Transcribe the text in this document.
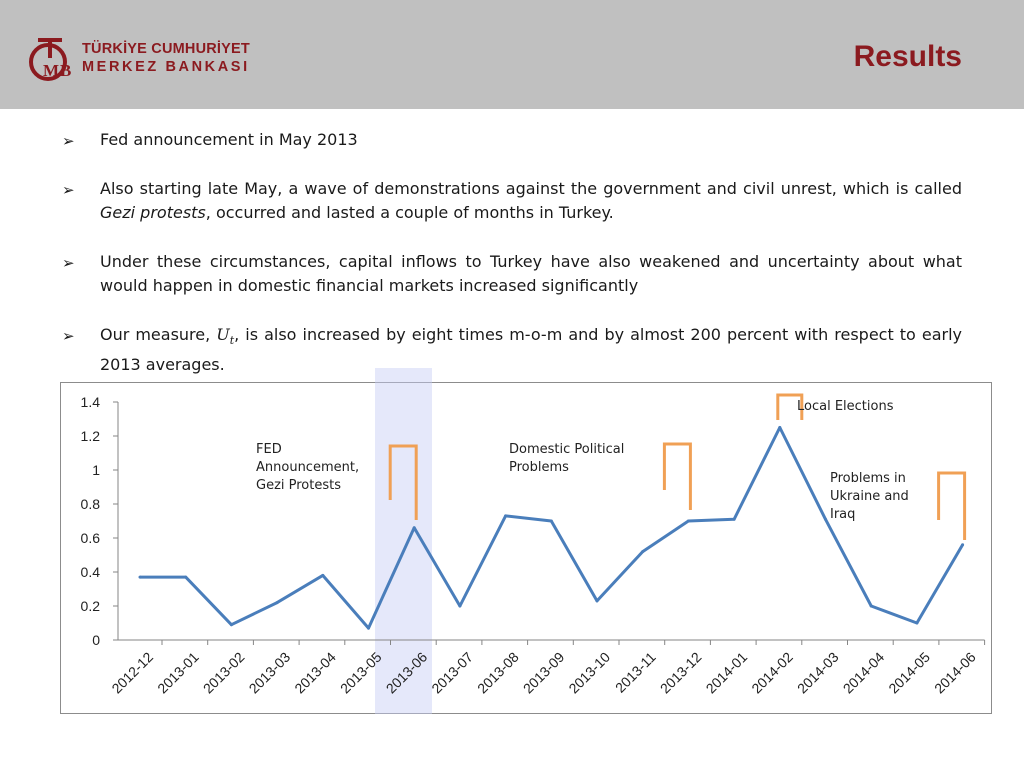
M B
TÜRKİYE CUMHURİYET
MERKEZ BANKASI	Results
➢ Fed announcement in May 2013
➢ Also starting late May, a wave of demonstrations against the government and civil unrest, which is called Gezi protests, occurred and lasted a couple of months in Turkey.
➢ Under these circumstances, capital inflows to Turkey have also weakened and uncertainty about what would happen in domestic financial markets increased significantly
➢ Our measure, $U_t$, is also increased by eight times m-o-m and by almost 200 percent with respect to early 2013 averages.
0
0.2
0.4
0.6
0.8
1
1.2
1.4
2012-12
2013-01
2013-02
2013-03
2013-04
2013-05
2013-06
2013-07
2013-08
2013-09
2013-10
2013-11
2013-12
2014-01
2014-02
2014-03
2014-04
2014-05
2014-06
FED
Announcement,
Gezi Protests
Domestic Political
Problems
Local Elections
Problems in
Ukraine and
Iraq
